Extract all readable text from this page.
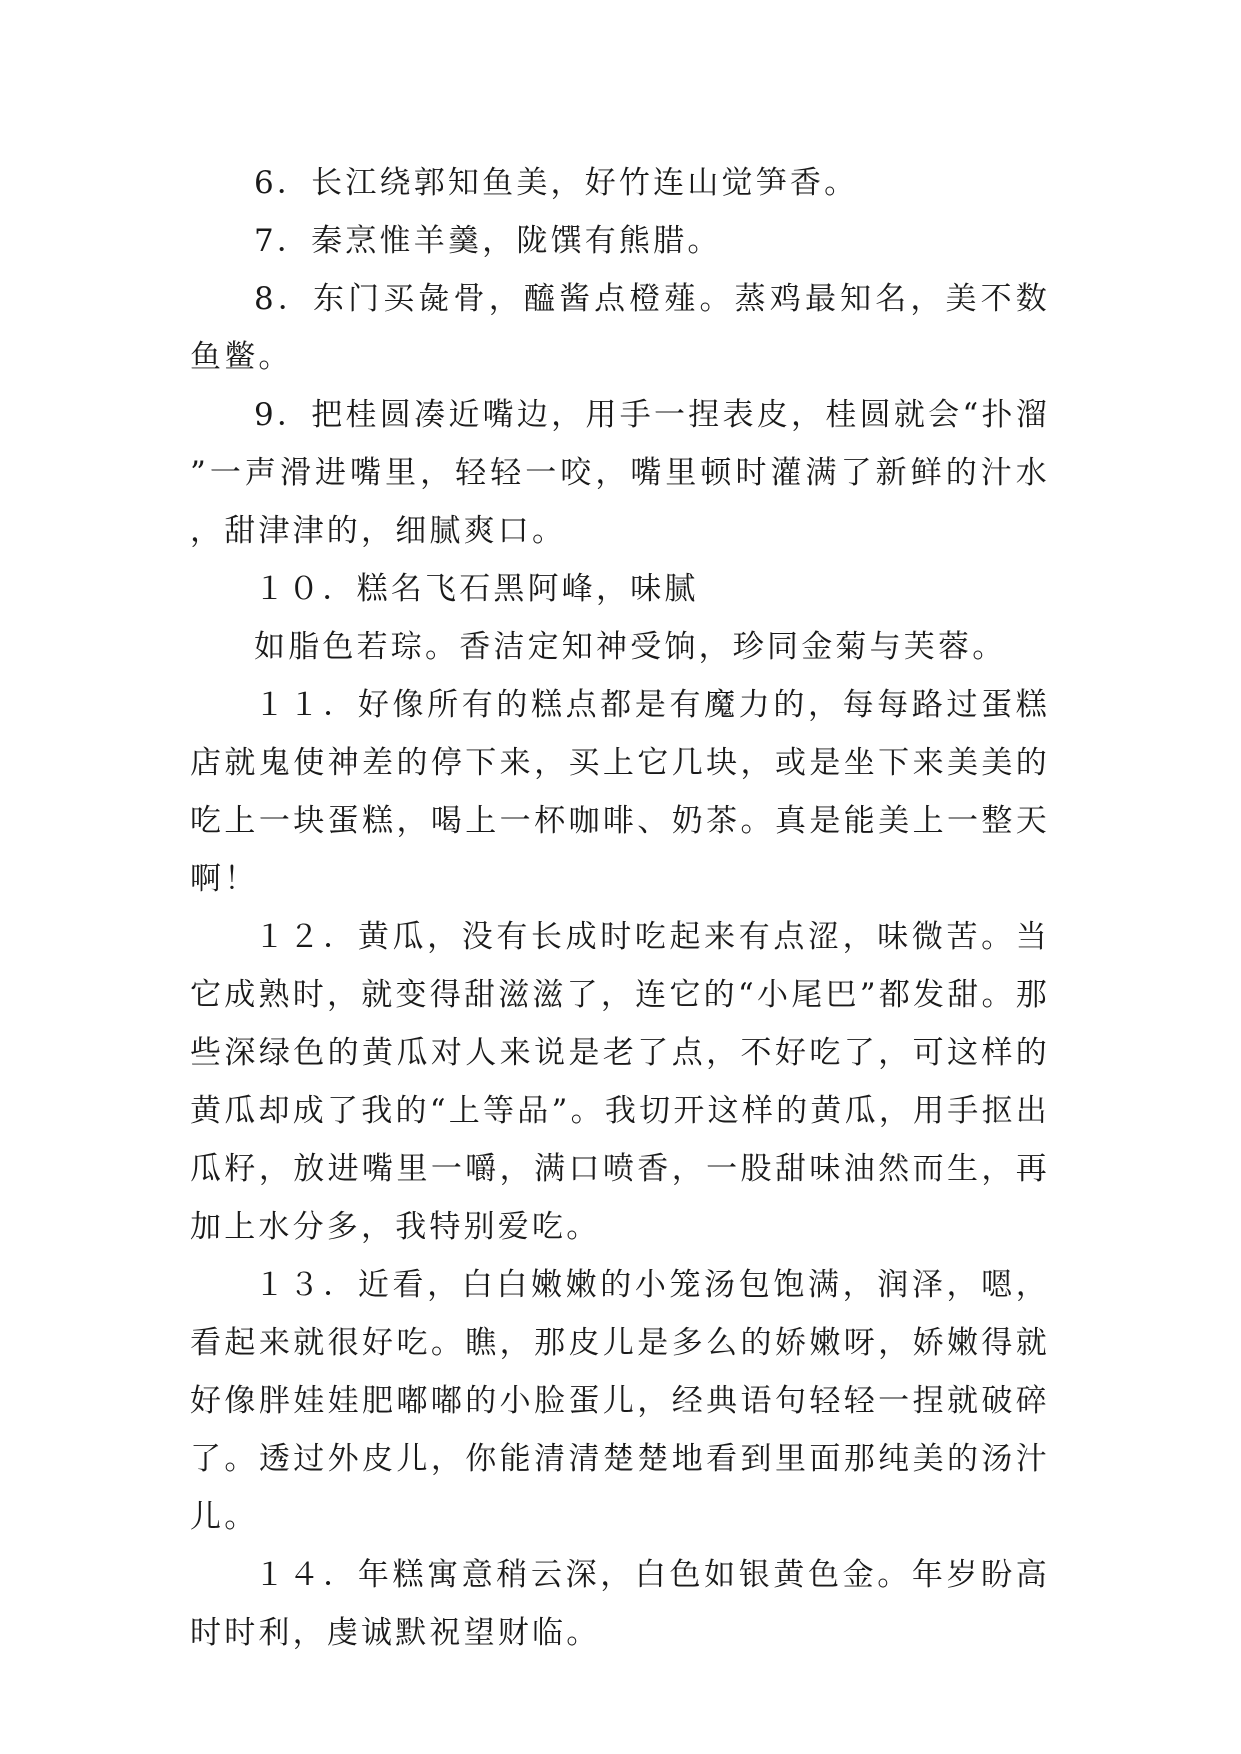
6．长江绕郭知鱼美，好竹连山觉笋香。

7．秦烹惟羊羹，陇馔有熊腊。

8．东门买彘骨，醯酱点橙薤。蒸鸡最知名，美不数鱼鳖。

9．把桂圆凑近嘴边，用手一捏表皮，桂圆就会“扑溜”一声滑进嘴里，轻轻一咬，嘴里顿时灌满了新鲜的汁水，甜津津的，细腻爽口。

１０．糕名飞石黑阿峰，味腻

如脂色若琮。香洁定知神受饷，珍同金菊与芙蓉。

１１．好像所有的糕点都是有魔力的，每每路过蛋糕店就鬼使神差的停下来，买上它几块，或是坐下来美美的吃上一块蛋糕，喝上一杯咖啡、奶茶。真是能美上一整天啊！

１２．黄瓜，没有长成时吃起来有点涩，味微苦。当它成熟时，就变得甜滋滋了，连它的“小尾巴”都发甜。那些深绿色的黄瓜对人来说是老了点，不好吃了，可这样的黄瓜却成了我的“上等品”。我切开这样的黄瓜，用手抠出瓜籽，放进嘴里一嚼，满口喷香，一股甜味油然而生，再加上水分多，我特别爱吃。

１３．近看，白白嫩嫩的小笼汤包饱满，润泽，嗯，看起来就很好吃。瞧，那皮儿是多么的娇嫩呀，娇嫩得就好像胖娃娃肥嘟嘟的小脸蛋儿，经典语句轻轻一捏就破碎了。透过外皮儿，你能清清楚楚地看到里面那纯美的汤汁儿。

１４．年糕寓意稍云深，白色如银黄色金。年岁盼高时时利，虔诚默祝望财临。
